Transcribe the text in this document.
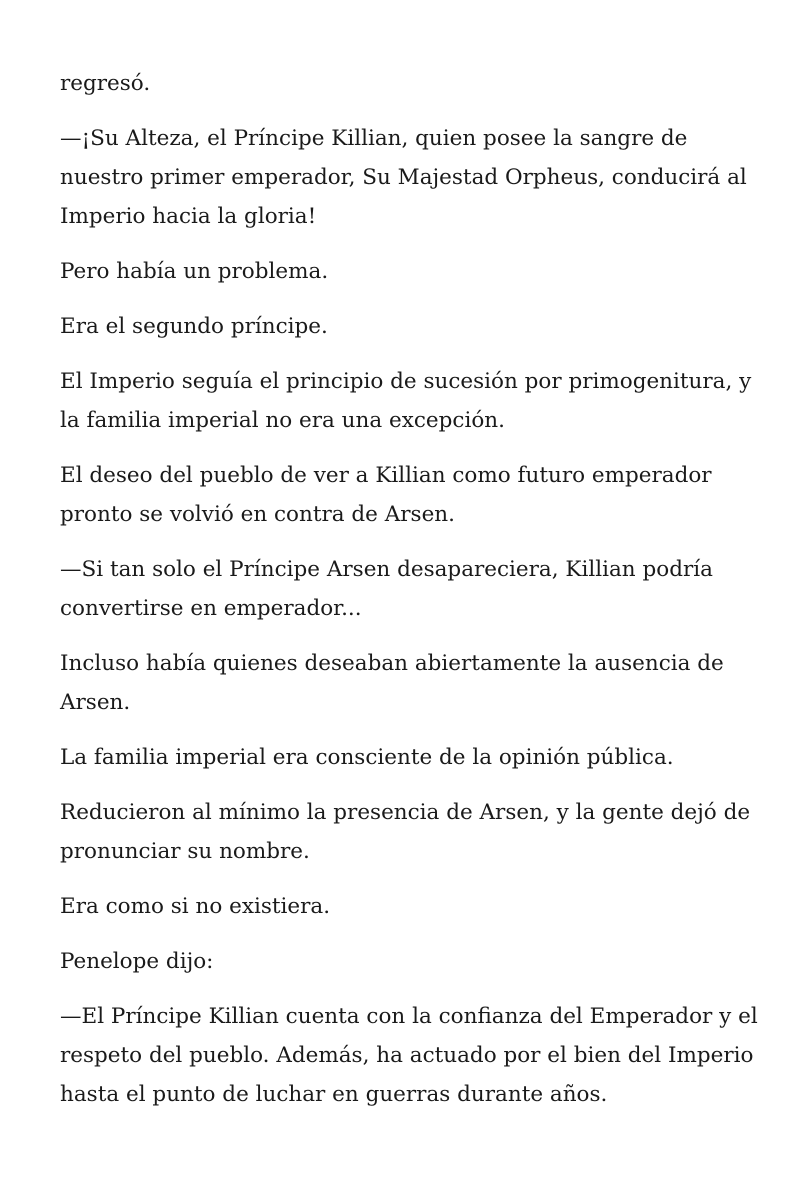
regresó.

—¡Su Alteza, el Príncipe Killian, quien posee la sangre de nuestro primer emperador, Su Majestad Orpheus, conducirá al Imperio hacia la gloria!

Pero había un problema.

Era el segundo príncipe.

El Imperio seguía el principio de sucesión por primogenitura, y la familia imperial no era una excepción.

El deseo del pueblo de ver a Killian como futuro emperador pronto se volvió en contra de Arsen.

—Si tan solo el Príncipe Arsen desapareciera, Killian podría convertirse en emperador...

Incluso había quienes deseaban abiertamente la ausencia de Arsen.

La familia imperial era consciente de la opinión pública.

Reducieron al mínimo la presencia de Arsen, y la gente dejó de pronunciar su nombre.

Era como si no existiera.

Penelope dijo:

—El Príncipe Killian cuenta con la confianza del Emperador y el respeto del pueblo. Además, ha actuado por el bien del Imperio hasta el punto de luchar en guerras durante años.
